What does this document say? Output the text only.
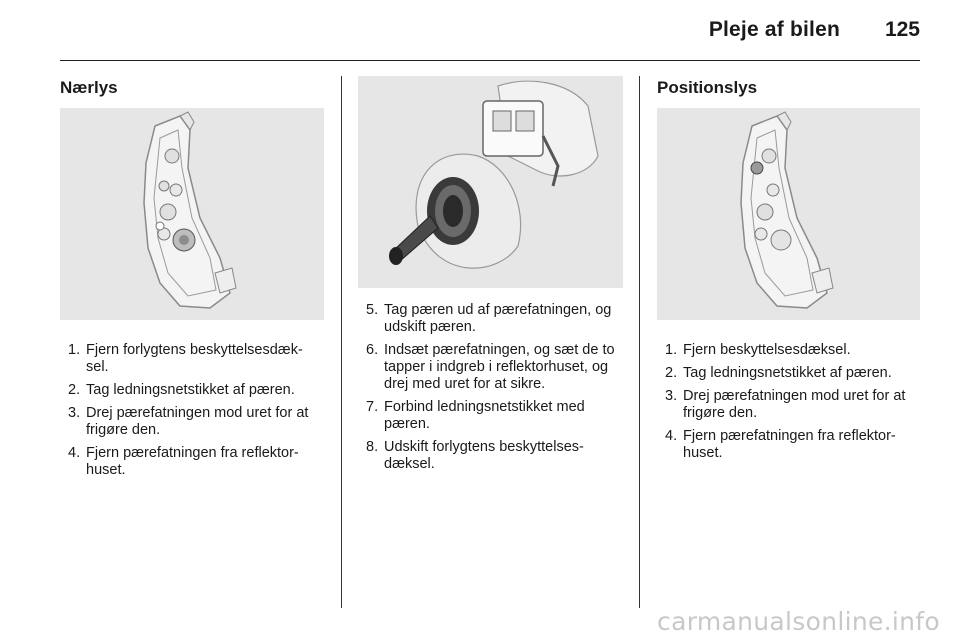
Pleje af bilen 125
Nærlys
1. Fjern forlygtens beskyttelsesdæk-sel.
2. Tag ledningsnetstikket af pæren.
3. Drej pærefatningen mod uret for at frigøre den.
4. Fjern pærefatningen fra reflektor-huset.
5. Tag pæren ud af pærefatningen, og udskift pæren.
6. Indsæt pærefatningen, og sæt de to tapper i indgreb i reflektorhuset, og drej med uret for at sikre.
7. Forbind ledningsnetstikket med pæren.
8. Udskift forlygtens beskyttelses-dæksel.
Positionslys
1. Fjern beskyttelsesdæksel.
2. Tag ledningsnetstikket af pæren.
3. Drej pærefatningen mod uret for at frigøre den.
4. Fjern pærefatningen fra reflektor-huset.
carmanualsonline.info
